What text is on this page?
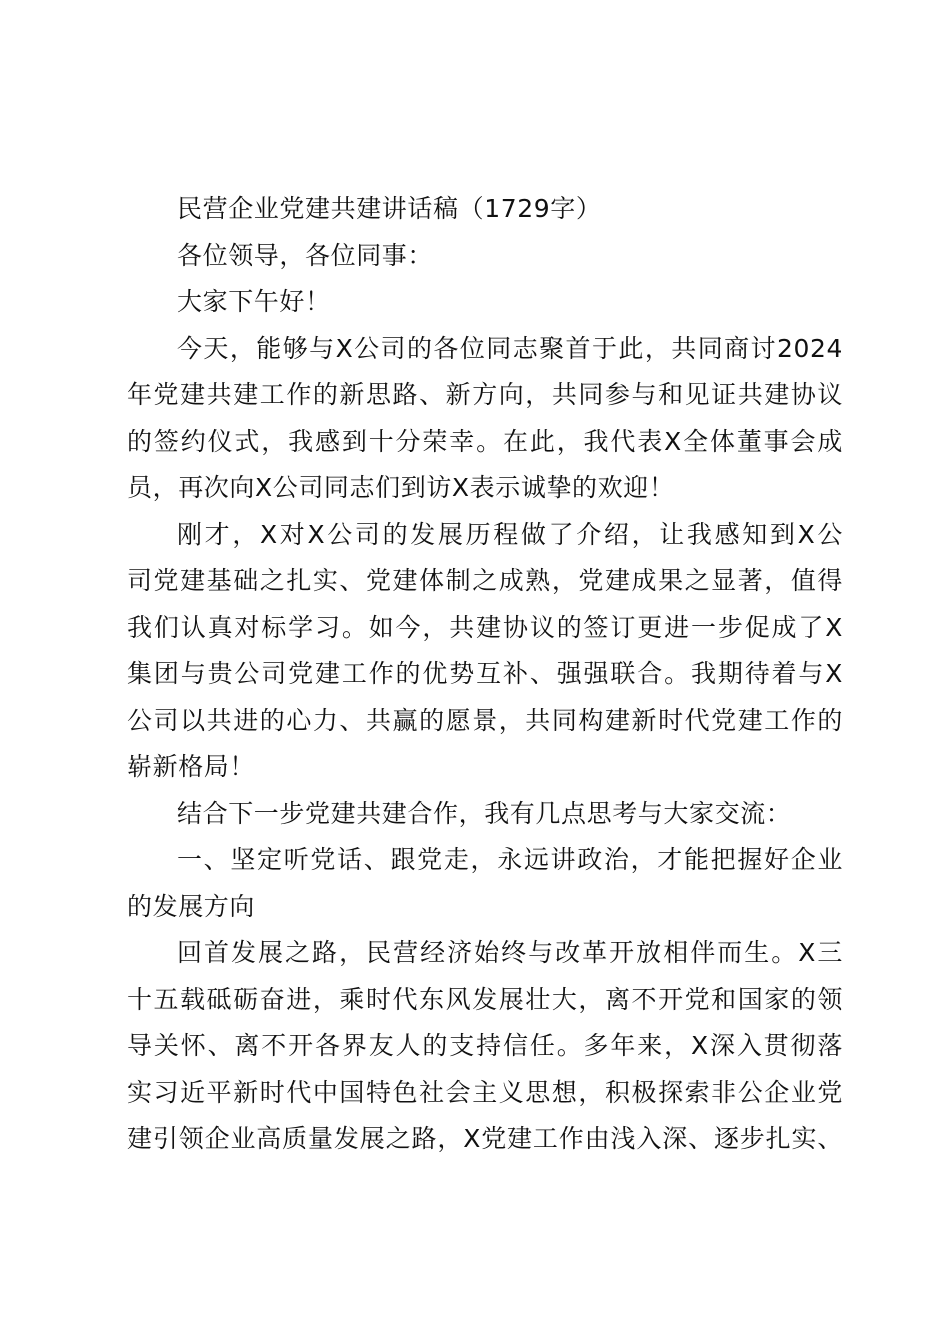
民营企业党建共建讲话稿（1729字）
各位领导，各位同事：
大家下午好！
今天，能够与X公司的各位同志聚首于此，共同商讨2024
年党建共建工作的新思路、新方向，共同参与和见证共建协议
的签约仪式，我感到十分荣幸。在此，我代表X全体董事会成
员，再次向X公司同志们到访X表示诚挚的欢迎！
刚才，X对X公司的发展历程做了介绍，让我感知到X公
司党建基础之扎实、党建体制之成熟，党建成果之显著，值得
我们认真对标学习。如今，共建协议的签订更进一步促成了X
集团与贵公司党建工作的优势互补、强强联合。我期待着与X
公司以共进的心力、共赢的愿景，共同构建新时代党建工作的
崭新格局！
结合下一步党建共建合作，我有几点思考与大家交流：
一、坚定听党话、跟党走，永远讲政治，才能把握好企业
的发展方向
回首发展之路，民营经济始终与改革开放相伴而生。X三
十五载砥砺奋进，乘时代东风发展壮大，离不开党和国家的领
导关怀、离不开各界友人的支持信任。多年来，X深入贯彻落
实习近平新时代中国特色社会主义思想，积极探索非公企业党
建引领企业高质量发展之路，X党建工作由浅入深、逐步扎实、
